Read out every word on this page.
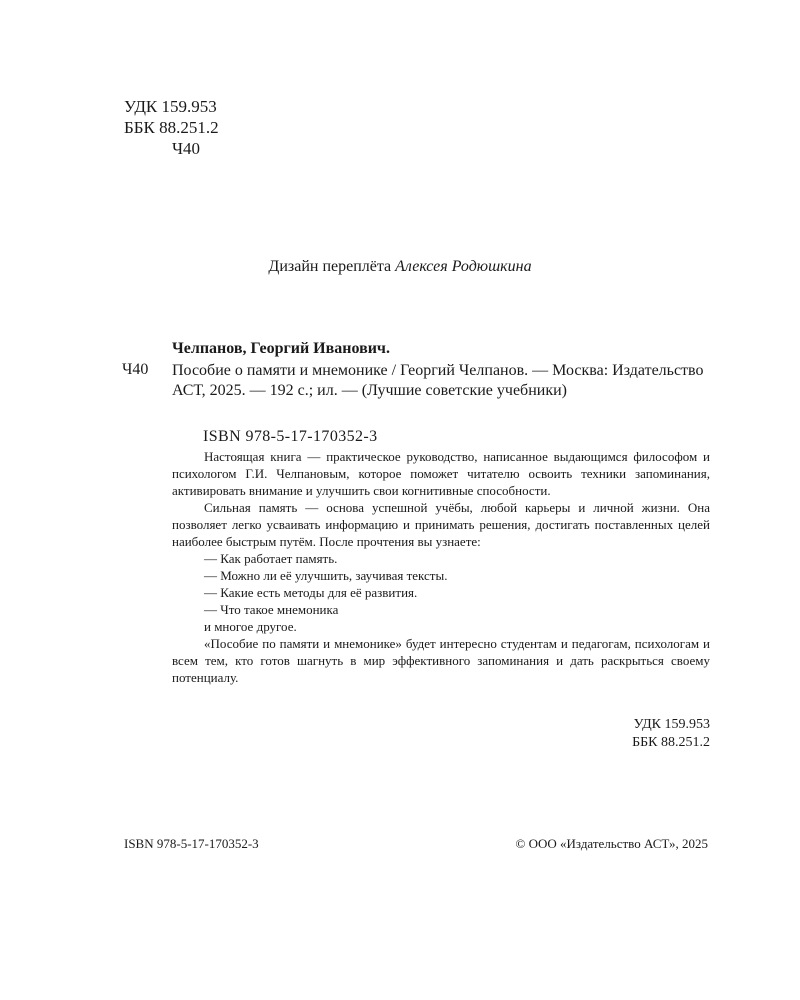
УДК 159.953
ББК 88.251.2
Ч40
Дизайн переплёта Алексея Родюшкина
Челпанов, Георгий Иванович.
Ч40 Пособие о памяти и мнемонике / Георгий Челпанов. — Москва: Издательство АСТ, 2025. — 192 с.; ил. — (Лучшие советские учебники)
ISBN 978-5-17-170352-3

Настоящая книга — практическое руководство, написанное выдающимся философом и психологом Г.И. Челпановым, которое поможет читателю освоить техники запоминания, активировать внимание и улучшить свои когнитивные способности.

Сильная память — основа успешной учёбы, любой карьеры и личной жизни. Она позволяет легко усваивать информацию и принимать решения, достигать поставленных целей наиболее быстрым путём. После прочтения вы узнаете:

— Как работает память.
— Можно ли её улучшить, заучивая тексты.
— Какие есть методы для её развития.
— Что такое мнемоника
и многое другое.

«Пособие по памяти и мнемонике» будет интересно студентам и педагогам, психологам и всем тем, кто готов шагнуть в мир эффективного запоминания и дать раскрыться своему потенциалу.

УДК 159.953
ББК 88.251.2
ISBN 978-5-17-170352-3	© ООО «Издательство АСТ», 2025
